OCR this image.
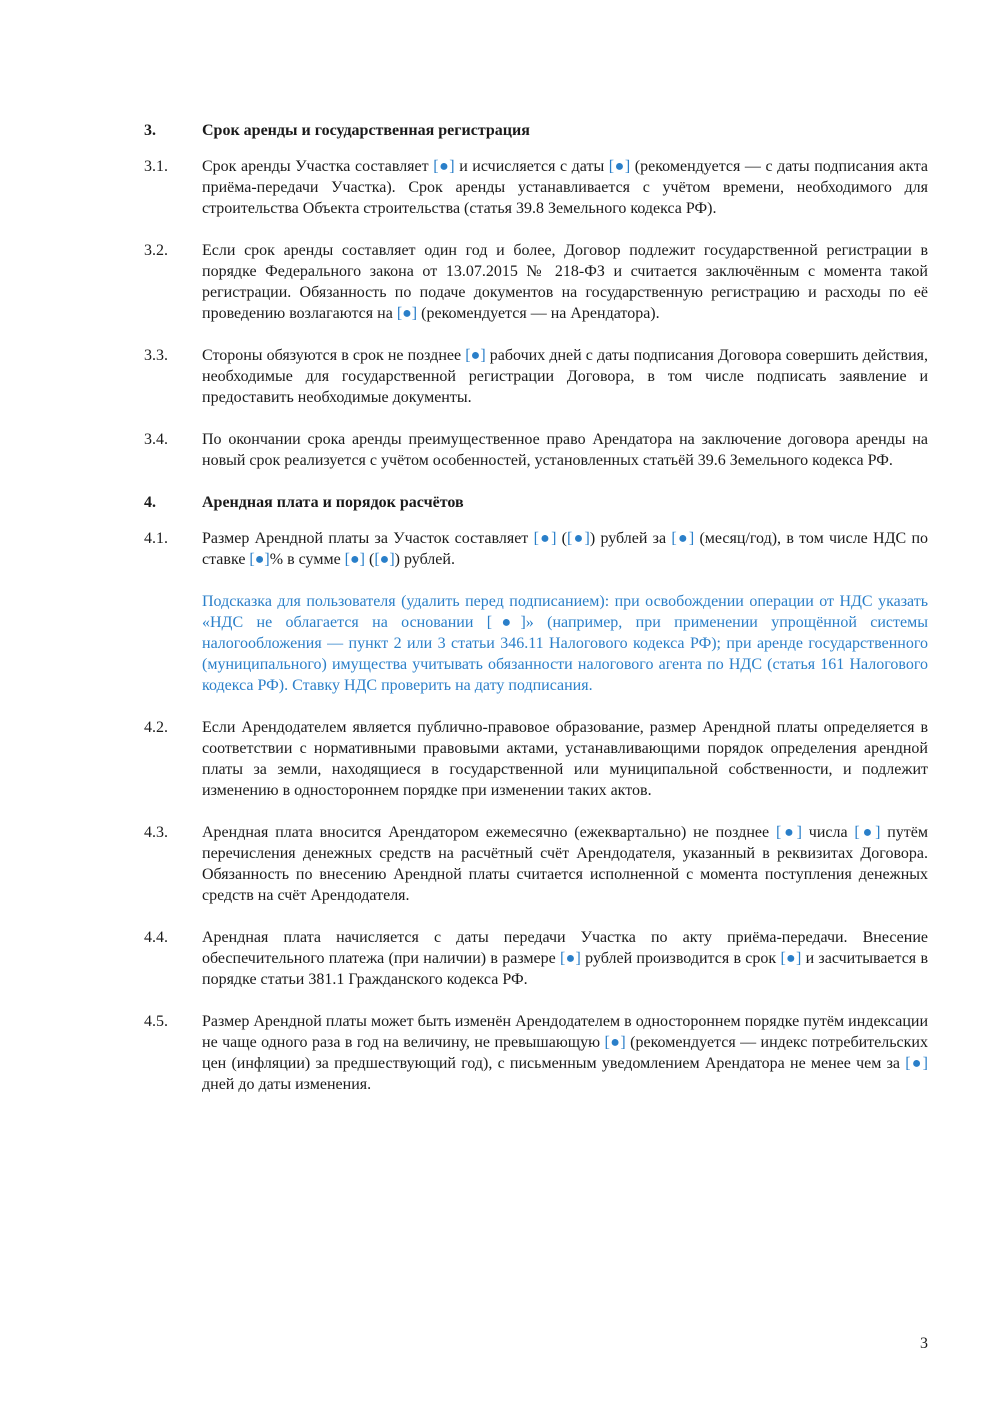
3.	Срок аренды и государственная регистрация
3.1.	Срок аренды Участка составляет [●] и исчисляется с даты [●] (рекомендуется — с даты подписания акта приёма-передачи Участка). Срок аренды устанавливается с учётом времени, необходимого для строительства Объекта строительства (статья 39.8 Земельного кодекса РФ).
3.2.	Если срок аренды составляет один год и более, Договор подлежит государственной регистрации в порядке Федерального закона от 13.07.2015 № 218-ФЗ и считается заключённым с момента такой регистрации. Обязанность по подаче документов на государственную регистрацию и расходы по её проведению возлагаются на [●] (рекомендуется — на Арендатора).
3.3.	Стороны обязуются в срок не позднее [●] рабочих дней с даты подписания Договора совершить действия, необходимые для государственной регистрации Договора, в том числе подписать заявление и предоставить необходимые документы.
3.4.	По окончании срока аренды преимущественное право Арендатора на заключение договора аренды на новый срок реализуется с учётом особенностей, установленных статьёй 39.6 Земельного кодекса РФ.
4.	Арендная плата и порядок расчётов
4.1.	Размер Арендной платы за Участок составляет [●] ([●]) рублей за [●] (месяц/год), в том числе НДС по ставке [●]% в сумме [●] ([●]) рублей.
Подсказка для пользователя (удалить перед подписанием): при освобождении операции от НДС указать «НДС не облагается на основании [●]» (например, при применении упрощённой системы налогообложения — пункт 2 или 3 статьи 346.11 Налогового кодекса РФ); при аренде государственного (муниципального) имущества учитывать обязанности налогового агента по НДС (статья 161 Налогового кодекса РФ). Ставку НДС проверить на дату подписания.
4.2.	Если Арендодателем является публично-правовое образование, размер Арендной платы определяется в соответствии с нормативными правовыми актами, устанавливающими порядок определения арендной платы за земли, находящиеся в государственной или муниципальной собственности, и подлежит изменению в одностороннем порядке при изменении таких актов.
4.3.	Арендная плата вносится Арендатором ежемесячно (ежеквартально) не позднее [●] числа [●] путём перечисления денежных средств на расчётный счёт Арендодателя, указанный в реквизитах Договора. Обязанность по внесению Арендной платы считается исполненной с момента поступления денежных средств на счёт Арендодателя.
4.4.	Арендная плата начисляется с даты передачи Участка по акту приёма-передачи. Внесение обеспечительного платежа (при наличии) в размере [●] рублей производится в срок [●] и засчитывается в порядке статьи 381.1 Гражданского кодекса РФ.
4.5.	Размер Арендной платы может быть изменён Арендодателем в одностороннем порядке путём индексации не чаще одного раза в год на величину, не превышающую [●] (рекомендуется — индекс потребительских цен (инфляции) за предшествующий год), с письменным уведомлением Арендатора не менее чем за [●] дней до даты изменения.
3
